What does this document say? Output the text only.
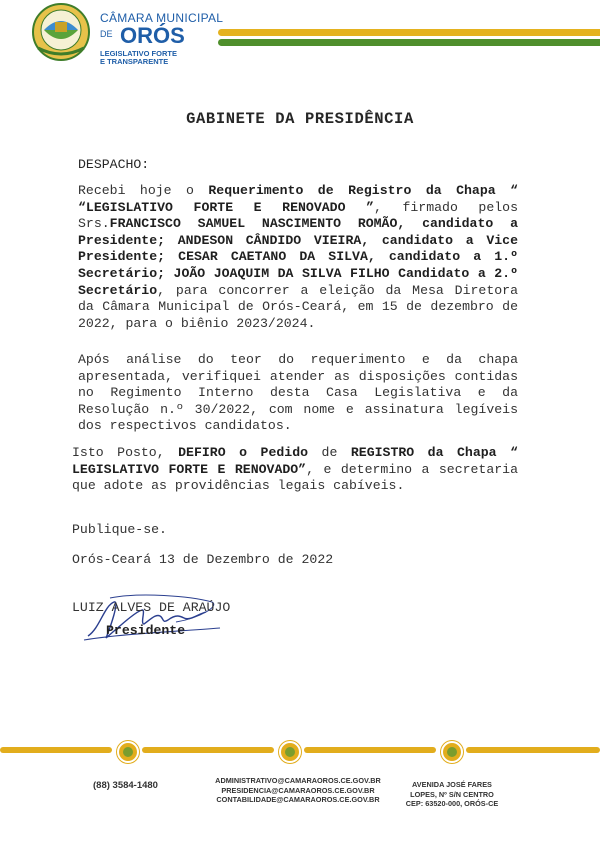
CÂMARA MUNICIPAL
DE ORÓS
LEGISLATIVO FORTE
E TRANSPARENTE
GABINETE DA PRESIDÊNCIA
DESPACHO:
Recebi hoje o Requerimento de Registro da Chapa “ “LEGISLATIVO FORTE E RENOVADO ”, firmado pelos Srs.FRANCISCO SAMUEL NASCIMENTO ROMÃO, candidato a Presidente; ANDESON CÂNDIDO VIEIRA, candidato a Vice Presidente; CESAR CAETANO DA SILVA, candidato a 1.º Secretário; JOÃO JOAQUIM DA SILVA FILHO Candidato a 2.º Secretário, para concorrer a eleição da Mesa Diretora da Câmara Municipal de Orós-Ceará, em 15 de dezembro de 2022, para o biênio 2023/2024.
Após análise do teor do requerimento e da chapa apresentada, verifiquei atender as disposições contidas no Regimento Interno desta Casa Legislativa e da Resolução n.º 30/2022, com nome e assinatura legíveis dos respectivos candidatos.
Isto Posto, DEFIRO o Pedido de REGISTRO da Chapa “ LEGISLATIVO FORTE E RENOVADO”, e determino a secretaria que adote as providências legais cabíveis.
Publique-se.
Orós-Ceará 13 de Dezembro de 2022
LUIZ ALVES DE ARAÚJO
Presidente
(88) 3584-1480	ADMINISTRATIVO@CAMARAOROS.CE.GOV.BR
PRESIDENCIA@CAMARAOROS.CE.GOV.BR
CONTABILIDADE@CAMARAOROS.CE.GOV.BR
AVENIDA JOSÉ FARES
LOPES, Nº S/N CENTRO
CEP: 63520-000, ORÓS-CE
